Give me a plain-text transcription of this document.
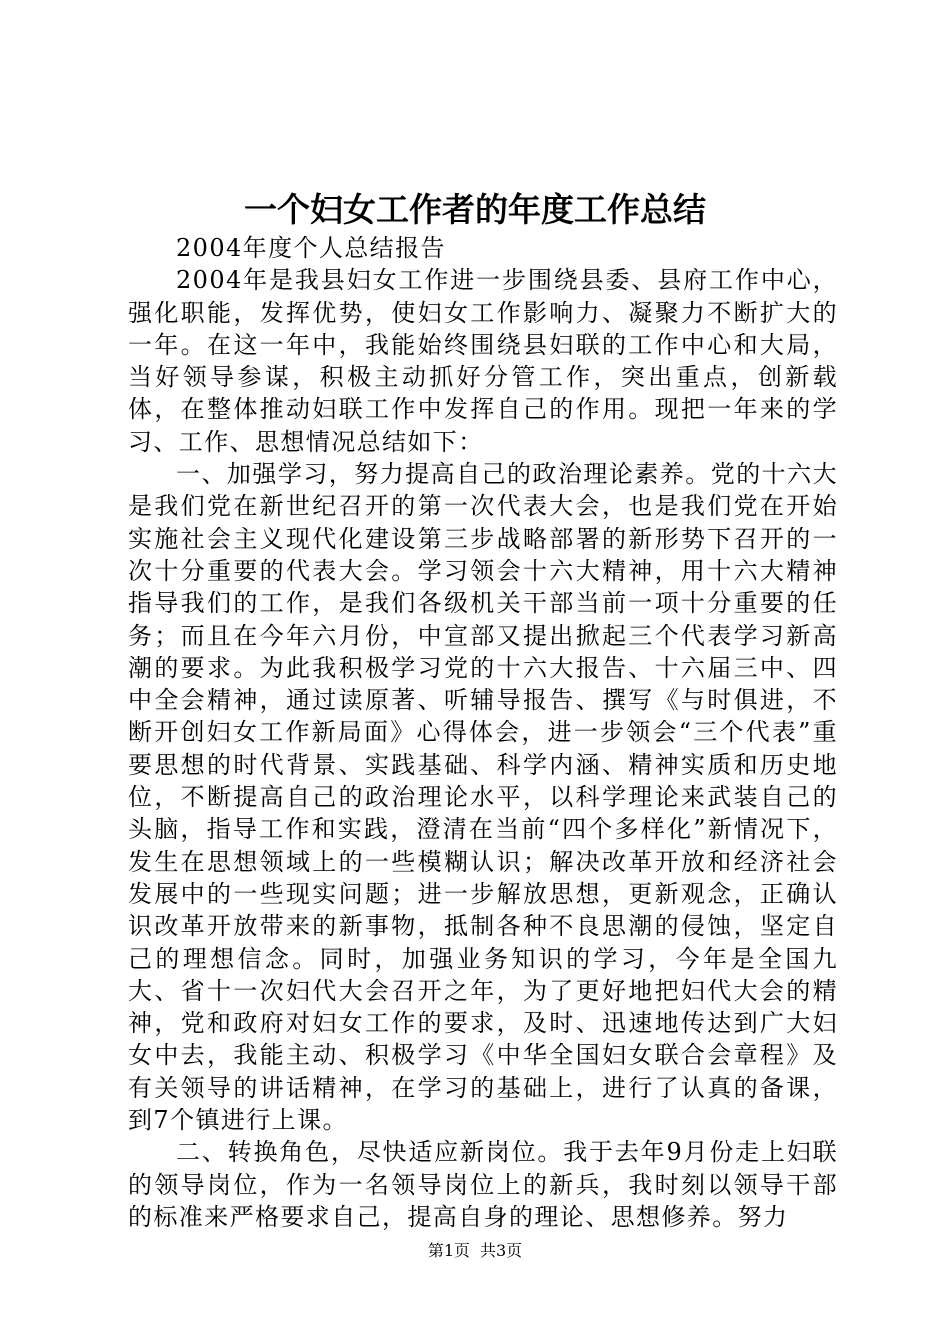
一个妇女工作者的年度工作总结

2004年度个人总结报告

2004年是我县妇女工作进一步围绕县委、县府工作中心，强化职能，发挥优势，使妇女工作影响力、凝聚力不断扩大的一年。在这一年中，我能始终围绕县妇联的工作中心和大局，当好领导参谋，积极主动抓好分管工作，突出重点，创新载体，在整体推动妇联工作中发挥自己的作用。现把一年来的学习、工作、思想情况总结如下：

一、加强学习，努力提高自己的政治理论素养。党的十六大是我们党在新世纪召开的第一次代表大会，也是我们党在开始实施社会主义现代化建设第三步战略部署的新形势下召开的一次十分重要的代表大会。学习领会十六大精神，用十六大精神指导我们的工作，是我们各级机关干部当前一项十分重要的任务；而且在今年六月份，中宣部又提出掀起三个代表学习新高潮的要求。为此我积极学习党的十六大报告、十六届三中、四中全会精神，通过读原著、听辅导报告、撰写《与时俱进，不断开创妇女工作新局面》心得体会，进一步领会“三个代表”重要思想的时代背景、实践基础、科学内涵、精神实质和历史地位，不断提高自己的政治理论水平，以科学理论来武装自己的头脑，指导工作和实践，澄清在当前“四个多样化”新情况下，发生在思想领域上的一些模糊认识；解决改革开放和经济社会发展中的一些现实问题；进一步解放思想，更新观念，正确认识改革开放带来的新事物，抵制各种不良思潮的侵蚀，坚定自己的理想信念。同时，加强业务知识的学习，今年是全国九大、省十一次妇代大会召开之年，为了更好地把妇代大会的精神，党和政府对妇女工作的要求，及时、迅速地传达到广大妇女中去，我能主动、积极学习《中华全国妇女联合会章程》及有关领导的讲话精神，在学习的基础上，进行了认真的备课，到7个镇进行上课。

二、转换角色，尽快适应新岗位。我于去年9月份走上妇联的领导岗位，作为一名领导岗位上的新兵，我时刻以领导干部的标准来严格要求自己，提高自身的理论、思想修养。努力

第1页 共3页
